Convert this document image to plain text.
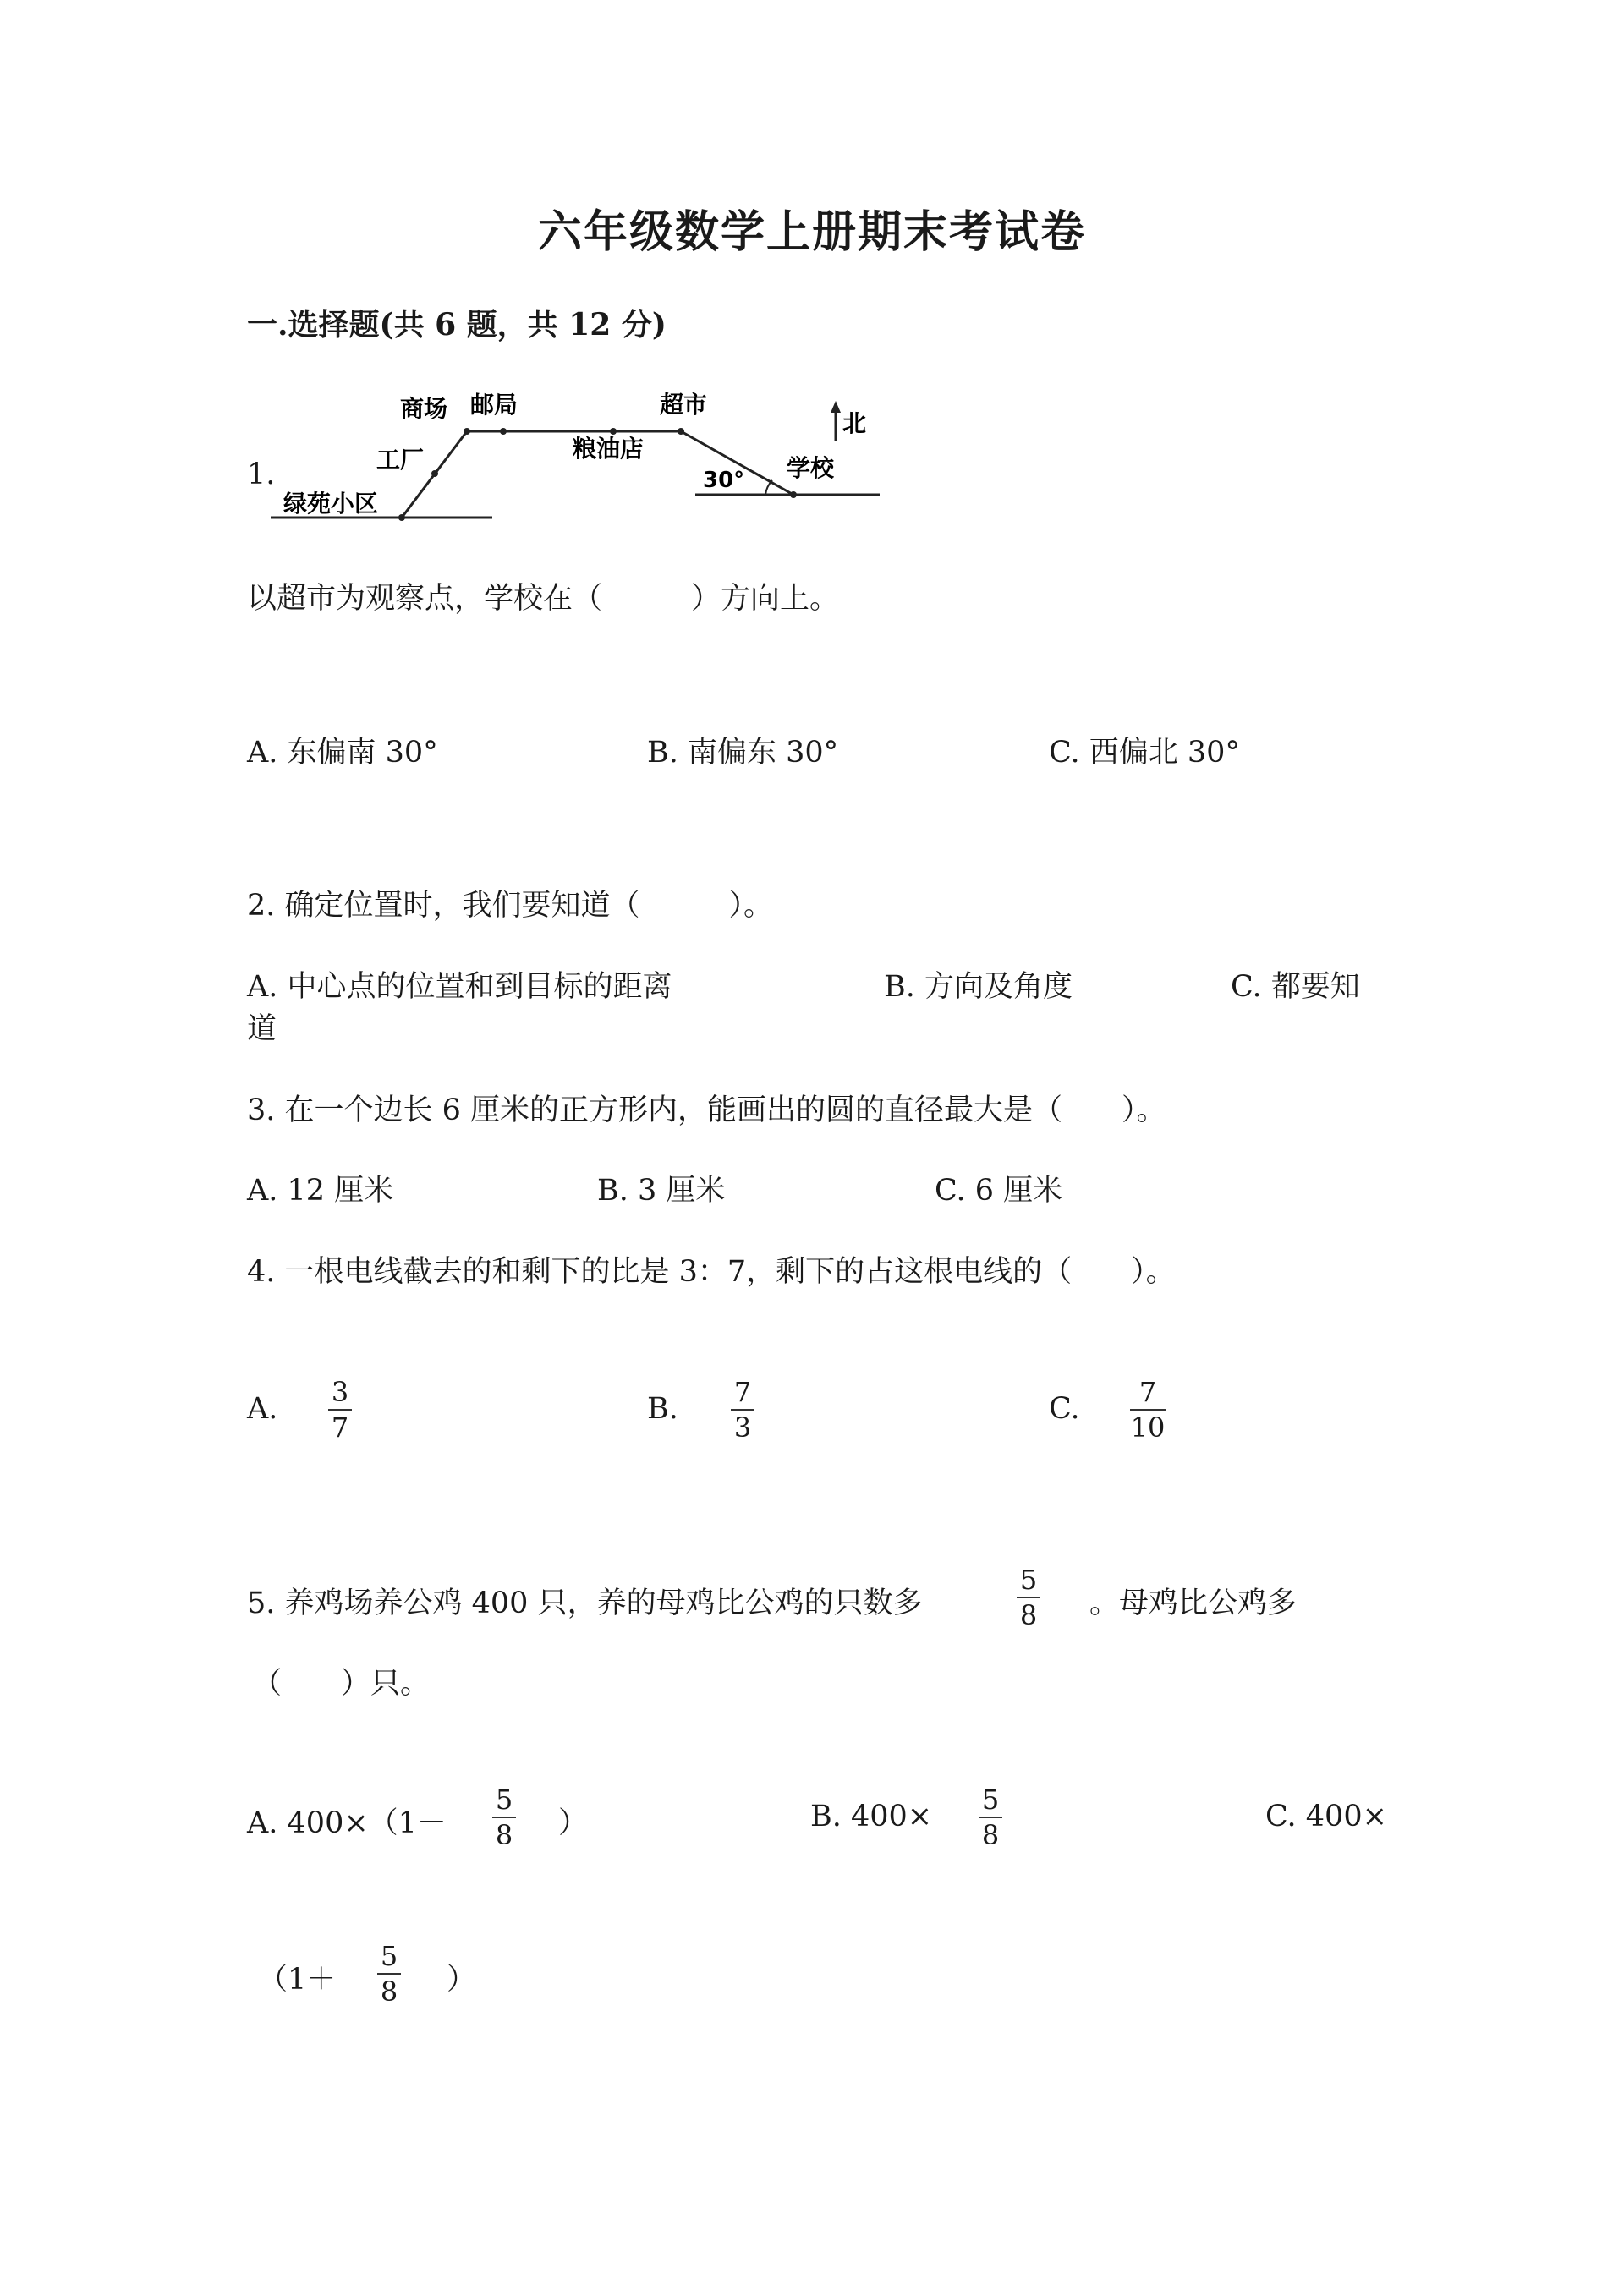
六年级数学上册期末考试卷
一.选择题(共 6 题，共 12 分)
1.
绿苑小区
工厂
商场 邮局
粮油店
超市
学校
30°
北
以超市为观察点，学校在（　　　）方向上。
A. 东偏南 30°	B. 南偏东 30°	C. 西偏北 30°
2. 确定位置时，我们要知道（　　　）。
A. 中心点的位置和到目标的距离	B. 方向及角度	C. 都要知
道
3. 在一个边长 6 厘米的正方形内，能画出的圆的直径最大是（　　）。
A. 12 厘米	B. 3 厘米	C. 6 厘米
4. 一根电线截去的和剩下的比是 3：7，剩下的占这根电线的（　　）。
A. 3
7
B. 7
3
C. 7
10
5. 养鸡场养公鸡 400 只，养的母鸡比公鸡的只数多
5
8 。母鸡比公鸡多
（　　）只。
A. 400×（1－
5
8 ）	B. 400× 5
8
C. 400×
（1＋
5
8 ）
